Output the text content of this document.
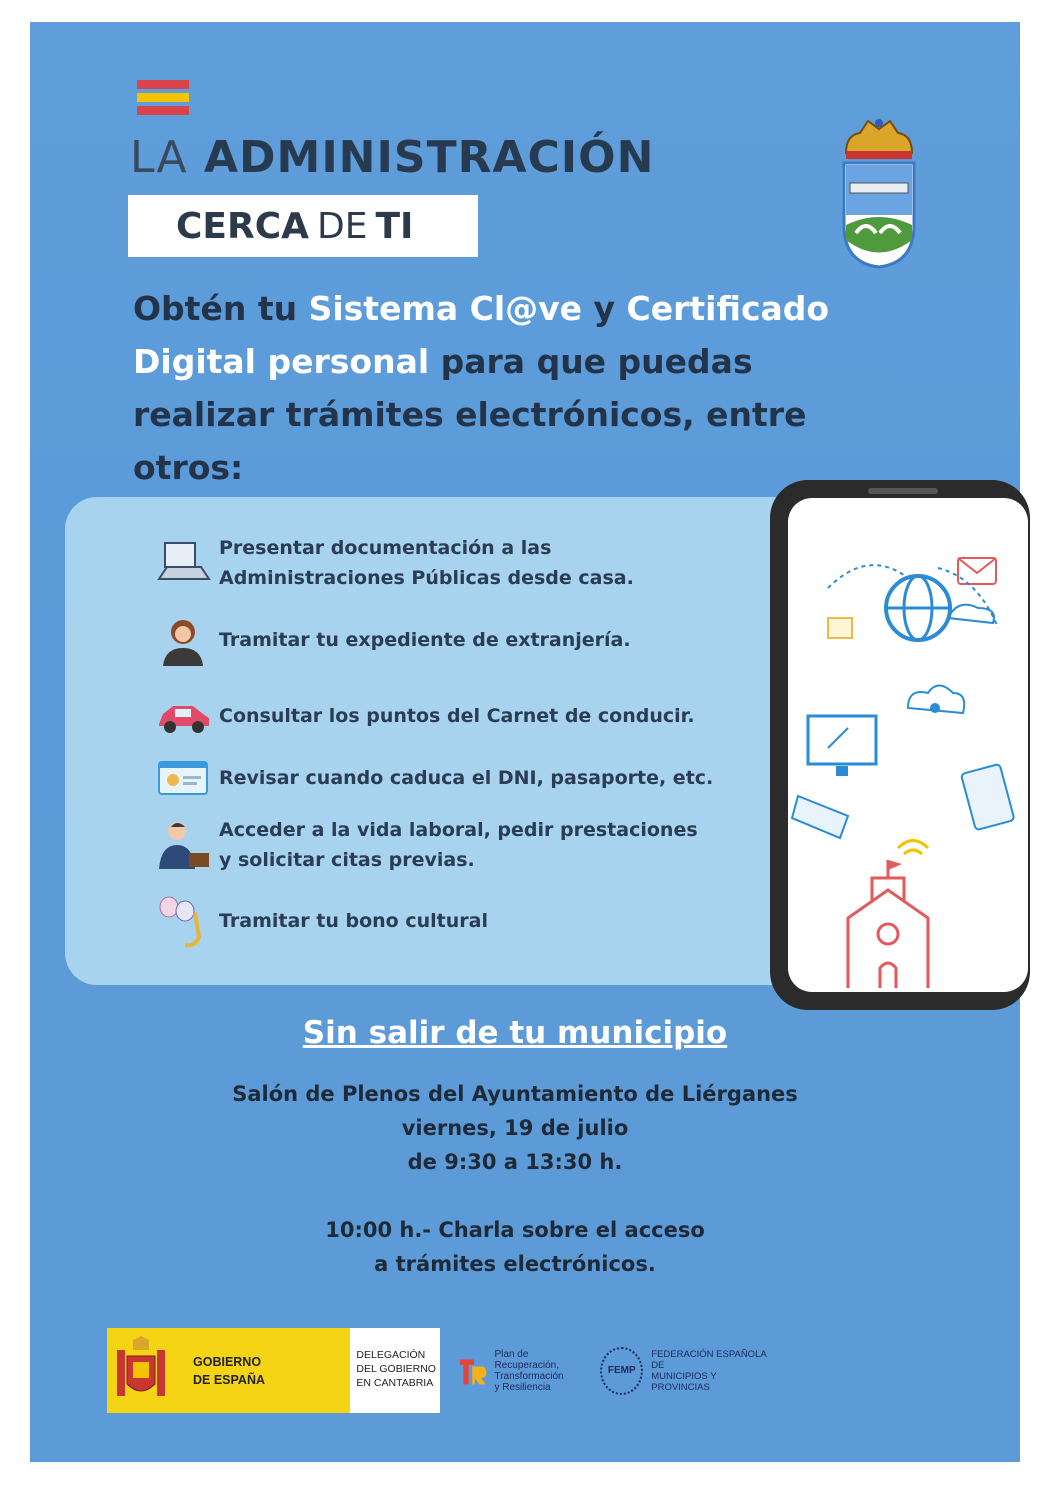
LA ADMINISTRACIÓN
CERCA DE TI
Obtén tu Sistema Cl@ve y Certificado Digital personal para que puedas realizar trámites electrónicos, entre otros:
Presentar documentación a las
Administraciones Públicas desde casa.
Tramitar tu expediente de extranjería.
Consultar los puntos del Carnet de conducir.
Revisar cuando caduca el DNI, pasaporte, etc.
Acceder a la vida laboral, pedir prestaciones
y solicitar citas previas.
Tramitar tu bono cultural
Sin salir de tu municipio
Salón de Plenos del Ayuntamiento de Liérganes
viernes, 19 de julio
de 9:30 a 13:30 h.
10:00 h.- Charla sobre el acceso
a trámites electrónicos.
GOBIERNO
DE ESPAÑA
DELEGACIÓN
DEL GOBIERNO
EN CANTABRIA
Plan de Recuperación,
Transformación
y Resiliencia
FEMP
FEDERACIÓN ESPAÑOLA DE
MUNICIPIOS Y PROVINCIAS
